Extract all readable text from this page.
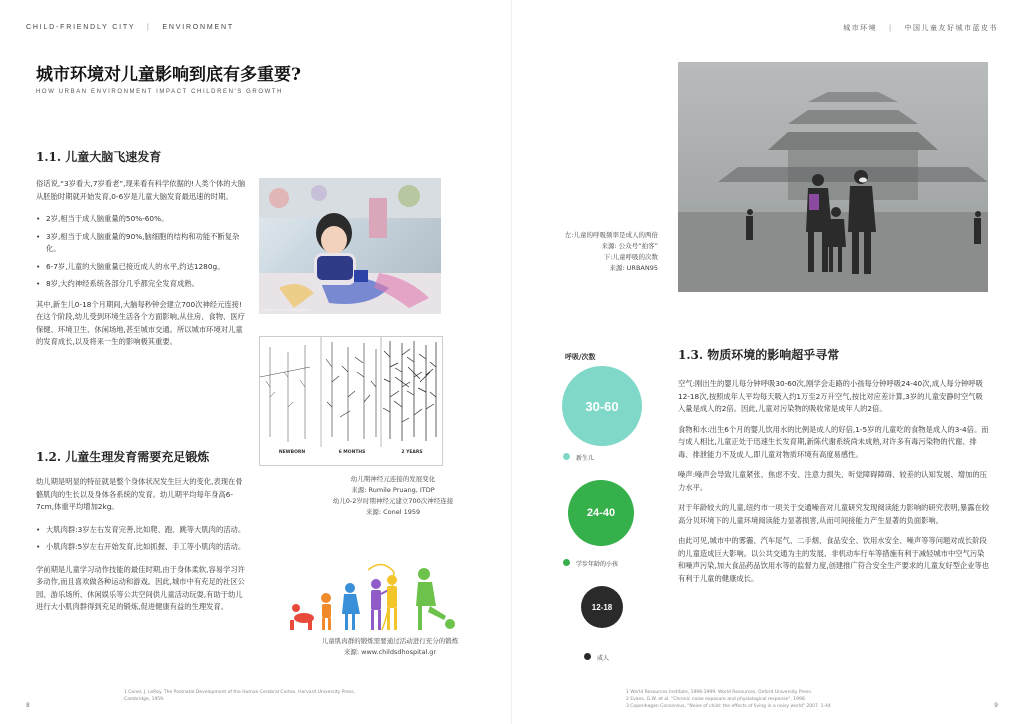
CHILD-FRIENDLY CITY | ENVIRONMENT	城市环境 | 中国儿童友好城市蓝皮书
城市环境对儿童影响到底有多重要?
HOW URBAN ENVIRONMENT IMPACT CHILDREN'S GROWTH
1.1. 儿童大脑飞速发育
俗话说,“3岁看大,7岁看老”,现来看有科学依据的!人类个体的大脑从胚胎时期就开始发育,0-6岁是儿童大脑发育最迅速的时期。
• 2岁,相当于成人脑重量的50%-60%。
• 3岁,相当于成人脑重量的90%,脑细胞的结构和功能不断复杂化。
• 6-7岁,儿童的大脑重量已接近成人的水平,约达1280g。
• 8岁,大约神经系统各部分几乎都完全发育成熟。
其中,新生儿0-18个月期间,大脑每秒钟会建立700次神经元连接!在这个阶段,幼儿受到环境生活各个方面影响,从住房、食物、医疗保健、环境卫生、休闲场地,甚至城市交通。所以城市环境对儿童的发育成长,以及将来一生的影响极其重要。
Image credit: photographer
NEWBORN	6 MONTHS	2 YEARS
幼儿期神经元连接的发展变化
来源: Rumile Pruang, ITDP
幼儿0-2岁时期神经元建立700次神经连接
来源: Conel 1959
1.2. 儿童生理发育需要充足锻炼
幼儿期是明显的特征就是整个身体状况发生巨大的变化,表现在骨骼肌肉的生长以及身体各系统的发育。幼儿期平均每年身高6-7cm,体重平均增加2kg。
• 大肌肉群:3岁左右发育完善,比如爬、跑、跳等大肌肉的活动。
• 小肌肉群:5岁左右开始发育,比如抓握、手工等小肌肉的活动。
学前期是儿童学习动作技能的最佳时期,由于身体柔软,容易学习许多动作,而且喜欢做各种运动和游戏。因此,城市中有充足的社区公园、游乐场所、休闲娱乐等公共空间供儿童活动玩耍,有助于幼儿进行大小肌肉群得到充足的锻炼,促进健康有益的生理发育。
儿童肌肉群的锻炼需要通过活动进行充分的锻炼
来源: www.childsdhospital.gr
左:儿童的呼吸频率是成人的两倍
来源: 公众号“拍客”
下:儿童呼吸的次数
来源: URBAN95
呼吸/次数
30-60
新生儿
24-40
学步年龄的小孩
12-18
成人
1.3. 物质环境的影响超乎寻常
空气:刚出生的婴儿每分钟呼吸30-60次,刚学会走路的小孩每分钟呼吸24-40次,成人每分钟呼吸12-18次,按照成年人平均每天吸入约1万至2万升空气,按比对应差计算,3岁的儿童安静时空气吸入量是成人的2倍。因此,儿童对污染物的吸收常是成年人的2倍。
食物和水:出生6个月的婴儿饮用水的比例是成人的好倍,1-5岁的儿童吃的食物是成人的3-4倍。而与成人相比,儿童正处于迅速生长发育期,新陈代谢系统尚未成熟,对许多有毒污染物的代谢、排毒、排泄能力不及成人,即儿童对物质环境有高度易感性。
噪声:噪声会导致儿童紧张、焦虑不安、注意力损失、听觉障碍障碍、较差的认知发展、增加的压力水平。
对于年龄较大的儿童,纽约市一项关于交通噪音对儿童研究发现阅读能力影响的研究表明,暴露在较高分贝环境下的儿童环境阅读能力显著损害,从而可间接能力产生显著的负面影响。
由此可见,城市中的雾霾、汽车尾气、二手烟、食品安全、饮用水安全、噪声等等问题对成长阶段的儿童造成巨大影响。以公共交通为主的发展、非机动车行车等措施有利于减轻城市中空气污染和噪声污染,加大食品药品饮用水等的监督力度,创建推广符合安全生产要求的儿童友好型企业等也有利于儿童的健康成长。
1 Conel, J. LeRoy. The Postnatal Development of the Human Cerebral Cortex. Harvard University Press,
Cambridge, 1959.
1 World Resources Institute, 1998-1999. World Resources, Oxford University Press.
2 Evans, G.W. et al. "Chronic noise exposure and physiological response", 1998.
3 Copenhagen Consensus, "Noise of child: the effects of living in a noisy world" 2007. 1-44
8	9
